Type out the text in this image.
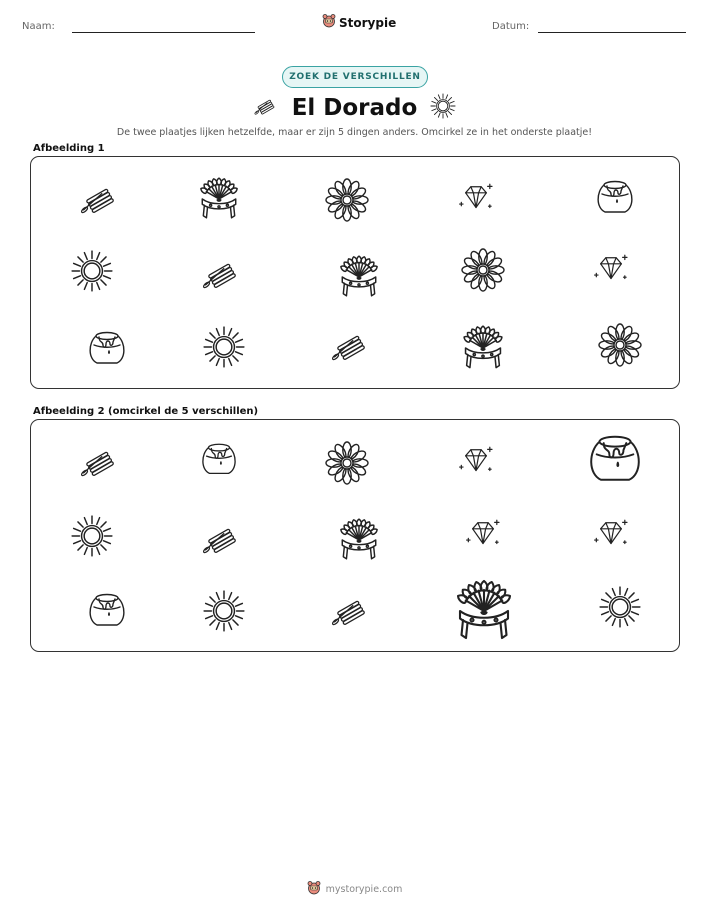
Naam:	Datum:
Storypie
ZOEK DE VERSCHILLEN
El Dorado
De twee plaatjes lijken hetzelfde, maar er zijn 5 dingen anders. Omcirkel ze in het onderste plaatje!
Afbeelding 1
Afbeelding 2 (omcirkel de 5 verschillen)
mystorypie.com
